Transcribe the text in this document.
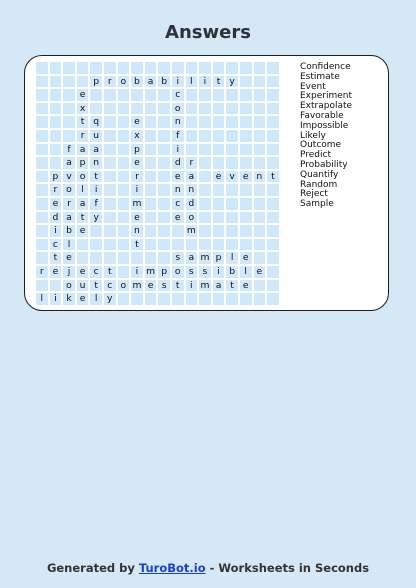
Answers
p r o b a b	i	l	i	t y
e	c
x	o
t q	e	n
r u	x	f
f a a	p	i
a p n	e	d r
p v o t	r	e a	e v e n t
r o	l	i	i	n n
e r a f	m	c d
d a t y	e	e o
i	b e	n	m
c	l	t
t e	s a m p	l	e
r e	j	e c	t	i m p o s s	i	b	l	e
o u t	c o m e s	t	i m a t e
l	i	k e	l	y
Confidence
Estimate
Event
Experiment
Extrapolate
Favorable
Impossible
Likely
Outcome
Predict
Probability
Quantify
Random
Reject
Sample
Generated by TuroBot.io - Worksheets in Seconds
